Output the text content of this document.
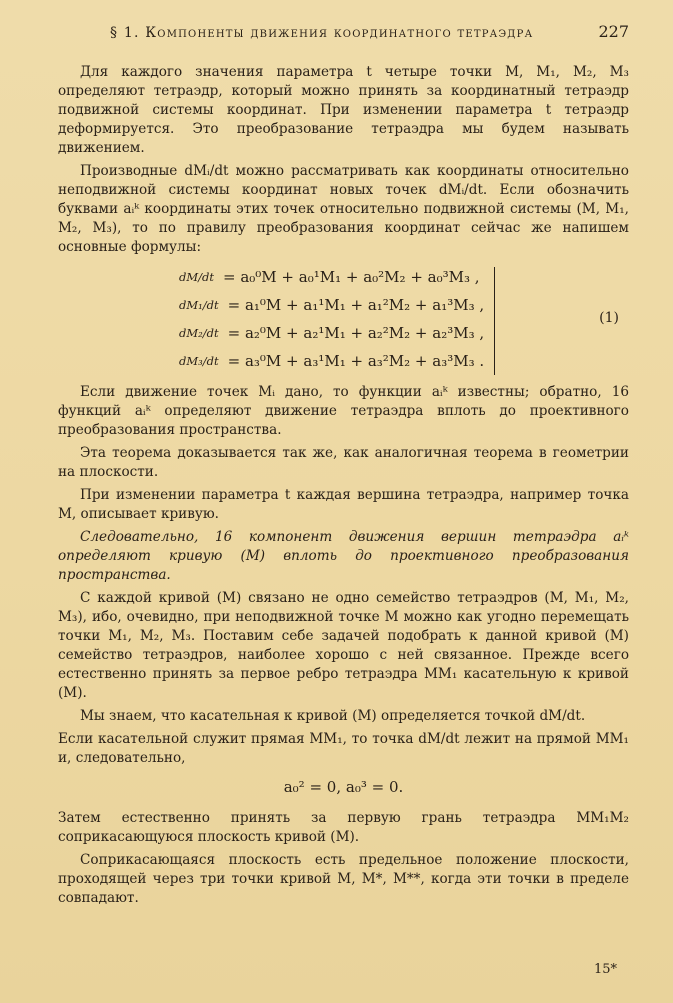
§ 1. Компоненты движения координатного тетраэдра	227

Для каждого значения параметра t четыре точки M, M₁, M₂, M₃ определяют тетраэдр, который можно принять за координатный тетраэдр подвижной системы координат. При изменении параметра t тетраэдр деформируется. Это преобразование тетраэдра мы будем называть движением.

Производные dMᵢ/dt можно рассматривать как координаты относительно неподвижной системы координат новых точек dMᵢ/dt. Если обозначить буквами aᵢᵏ координаты этих точек относительно подвижной системы (M, M₁, M₂, M₃), то по правилу преобразования координат сейчас же напишем основные формулы:

dM/dt = a₀⁰M + a₀¹M₁ + a₀²M₂ + a₀³M₃ ,
dM₁/dt = a₁⁰M + a₁¹M₁ + a₁²M₂ + a₁³M₃ ,
dM₂/dt = a₂⁰M + a₂¹M₁ + a₂²M₂ + a₂³M₃ ,
dM₃/dt = a₃⁰M + a₃¹M₁ + a₃²M₂ + a₃³M₃ .
(1)

Если движение точек Mᵢ дано, то функции aᵢᵏ известны; обратно, 16 функций aᵢᵏ определяют движение тетраэдра вплоть до проективного преобразования пространства.

Эта теорема доказывается так же, как аналогичная теорема в геометрии на плоскости.

При изменении параметра t каждая вершина тетраэдра, например точка M, описывает кривую.

Следовательно, 16 компонент движения вершин тетраэдра aᵢᵏ определяют кривую (M) вплоть до проективного преобразования пространства.

С каждой кривой (M) связано не одно семейство тетраэдров (M, M₁, M₂, M₃), ибо, очевидно, при неподвижной точке M можно как угодно перемещать точки M₁, M₂, M₃. Поставим себе задачей подобрать к данной кривой (M) семейство тетраэдров, наиболее хорошо с ней связанное. Прежде всего естественно принять за первое ребро тетраэдра MM₁ касательную к кривой (M).

Мы знаем, что касательная к кривой (M) определяется точкой dM/dt.

Если касательной служит прямая MM₁, то точка dM/dt лежит на прямой MM₁ и, следовательно,

a₀² = 0, a₀³ = 0.

Затем естественно принять за первую грань тетраэдра MM₁M₂ соприкасающуюся плоскость кривой (M).

Соприкасающаяся плоскость есть предельное положение плоскости, проходящей через три точки кривой M, M*, M**, когда эти точки в пределе совпадают.

15*
